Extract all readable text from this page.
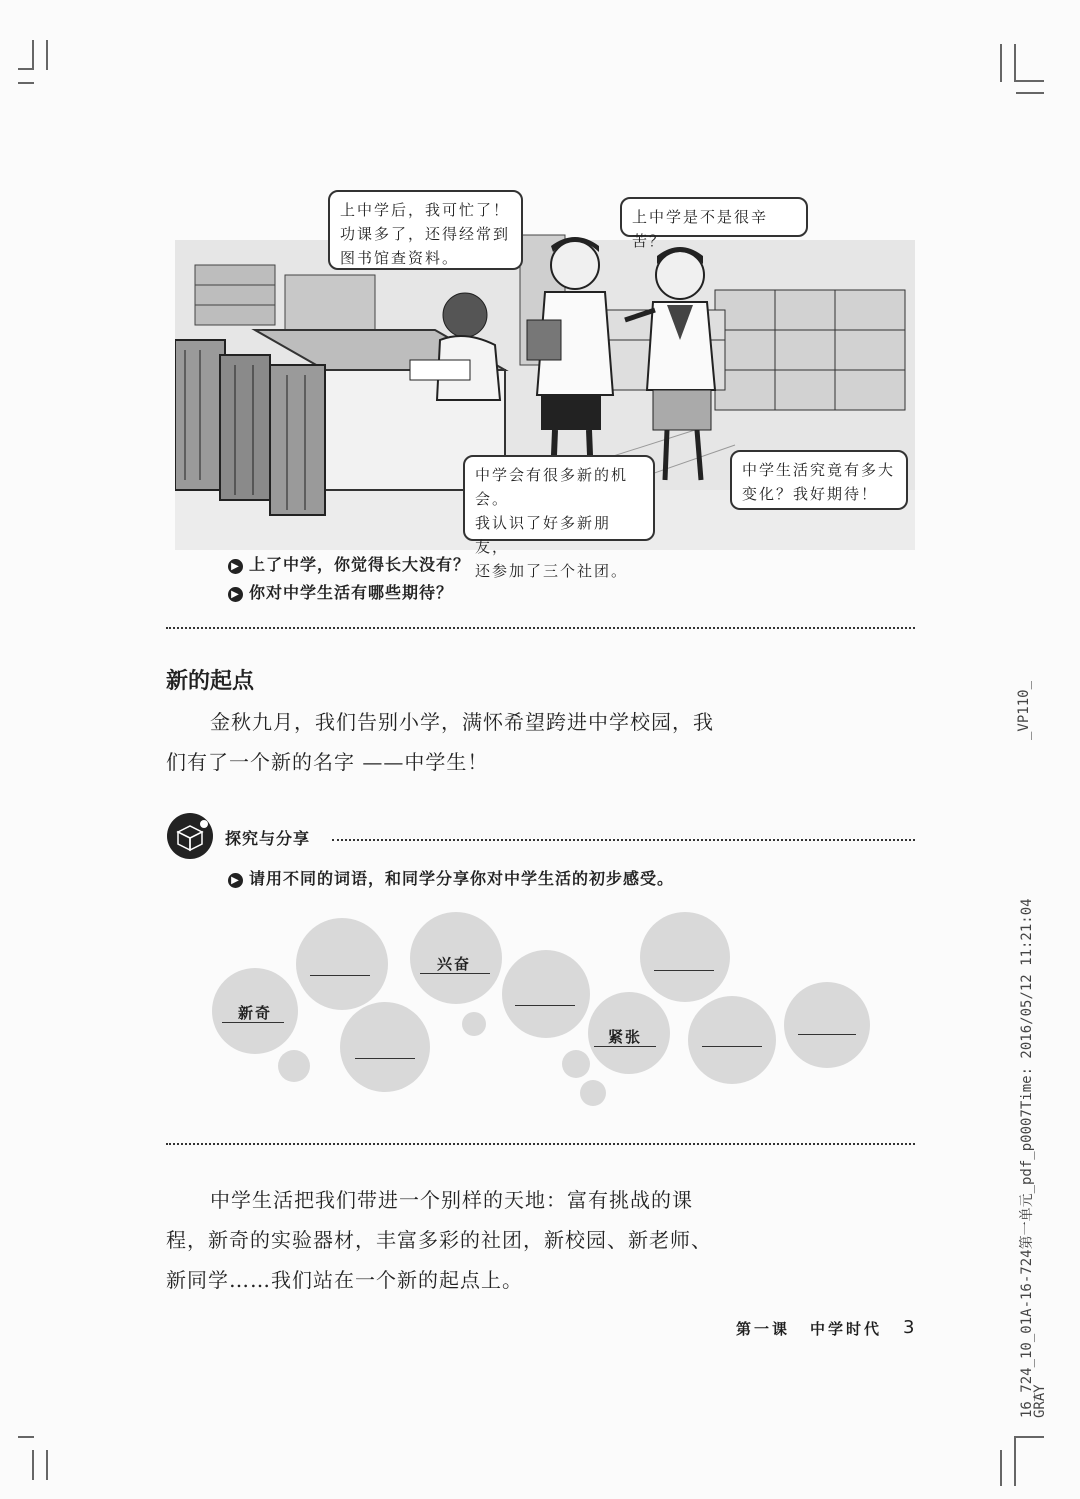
上中学后，我可忙了！
功课多了，还得经常到
图书馆查资料。
上中学是不是很辛苦？
中学会有很多新的机会。
我认识了好多新朋友，
还参加了三个社团。
中学生活究竟有多大
变化？我好期待！
▶ 上了中学，你觉得长大没有？
▶ 你对中学生活有哪些期待？
新的起点
金秋九月，我们告别小学，满怀希望跨进中学校园，我
们有了一个新的名字 ——中学生！
探究与分享
▶ 请用不同的词语，和同学分享你对中学生活的初步感受。
新奇
兴奋
紧张
中学生活把我们带进一个别样的天地：富有挑战的课
程，新奇的实验器材，丰富多彩的社团，新校园、新老师、
新同学……我们站在一个新的起点上。
第一课 中学时代 3
_VP110_
16_724_10_01A-16-724第一单元_pdf_p0007Time: 2016/05/12 11:21:04
GRAY
